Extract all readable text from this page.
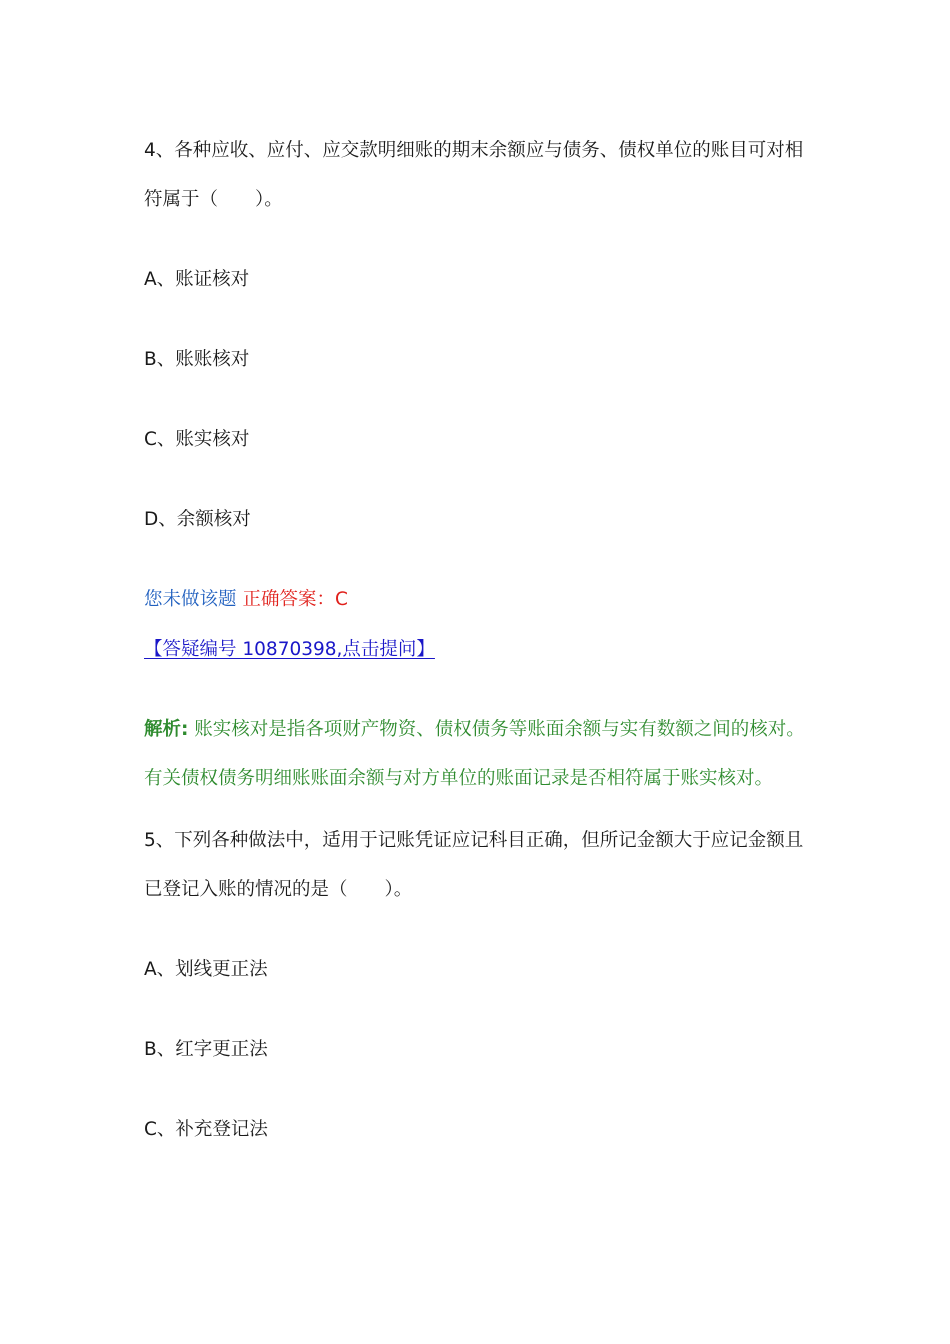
4、各种应收、应付、应交款明细账的期末余额应与债务、债权单位的账目可对相
符属于（　　）。
A、账证核对
B、账账核对
C、账实核对
D、余额核对
您未做该题 正确答案：C
【答疑编号 10870398,点击提问】
解析: 账实核对是指各项财产物资、债权债务等账面余额与实有数额之间的核对。
有关债权债务明细账账面余额与对方单位的账面记录是否相符属于账实核对。
5、下列各种做法中，适用于记账凭证应记科目正确，但所记金额大于应记金额且
已登记入账的情况的是（　　）。
A、划线更正法
B、红字更正法
C、补充登记法
